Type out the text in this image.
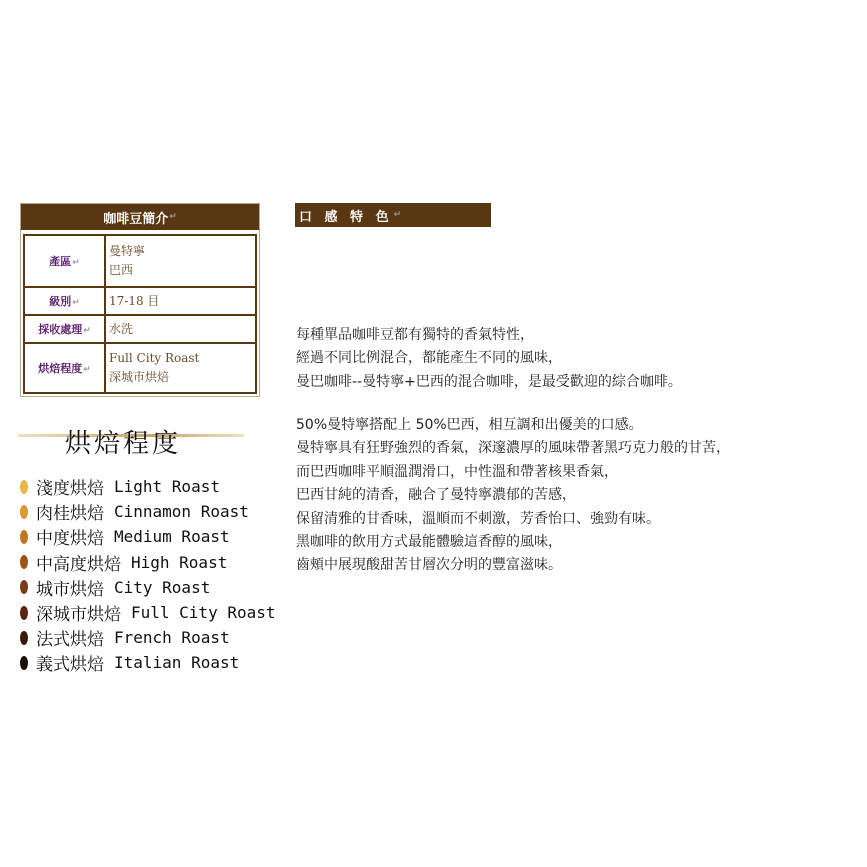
咖啡豆簡介 ↵
產區↵	曼特寧
巴西

級別↵	17-18 目
採收處理↵	水洗
烘焙程度↵	Full City Roast
深城市烘焙
烘焙程度
淺度烘焙 Light Roast
肉桂烘焙 Cinnamon Roast
中度烘焙 Medium Roast
中高度烘焙 High Roast
城市烘焙 City Roast
深城市烘焙 Full City Roast
法式烘焙 French Roast
義式烘焙 Italian Roast
口 感 特 色 ↵
每種單品咖啡豆都有獨特的香氣特性，
經過不同比例混合，都能產生不同的風味，
曼巴咖啡--曼特寧+巴西的混合咖啡，是最受歡迎的綜合咖啡。
50%曼特寧搭配上 50%巴西，相互調和出優美的口感。
曼特寧具有狂野強烈的香氣，深邃濃厚的風味帶著黑巧克力般的甘苦，
而巴西咖啡平順溫潤滑口，中性溫和帶著核果香氣，
巴西甘純的清香，融合了曼特寧濃郁的苦感，
保留清雅的甘香味，溫順而不刺激，芳香怡口、強勁有味。
黑咖啡的飲用方式最能體驗這香醇的風味，
齒頰中展現酸甜苦甘層次分明的豐富滋味。
